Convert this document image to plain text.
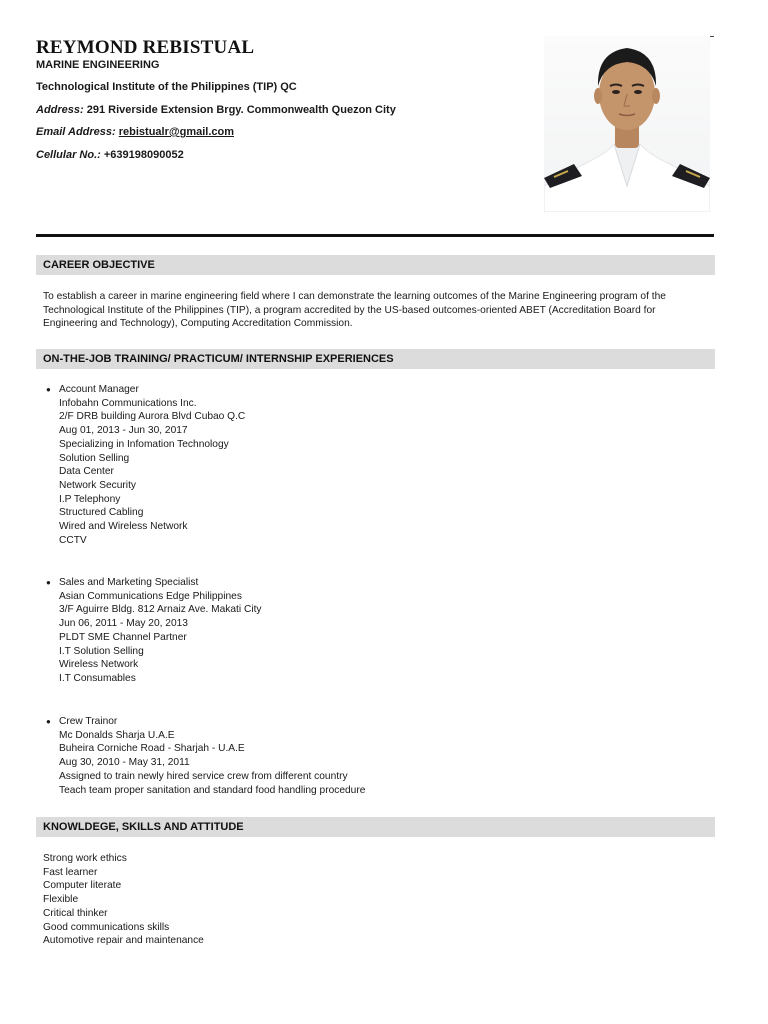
REYMOND REBISTUAL
MARINE ENGINEERING
Technological Institute of the Philippines (TIP) QC
Address: 291 Riverside Extension Brgy. Commonwealth Quezon City
Email Address: rebistualr@gmail.com
Cellular No.: +639198090052
CAREER OBJECTIVE

To establish a career in marine engineering field where I can demonstrate the learning outcomes of the Marine Engineering program of the Technological Institute of the Philippines (TIP), a program accredited by the US-based outcomes-oriented ABET (Accreditation Board for Engineering and Technology), Computing Accreditation Commission.

ON-THE-JOB TRAINING/ PRACTICUM/ INTERNSHIP EXPERIENCES
● Account Manager
Infobahn Communications Inc.
2/F DRB building Aurora Blvd Cubao Q.C
Aug 01, 2013 - Jun 30, 2017
Specializing in Infomation Technology
Solution Selling
Data Center
Network Security
I.P Telephony
Structured Cabling
Wired and Wireless Network
CCTV
● Sales and Marketing Specialist
Asian Communications Edge Philippines
3/F Aguirre Bldg. 812 Arnaiz Ave. Makati City
Jun 06, 2011 - May 20, 2013
PLDT SME Channel Partner
I.T Solution Selling
Wireless Network
I.T Consumables
● Crew Trainor
Mc Donalds Sharja U.A.E
Buheira Corniche Road - Sharjah - U.A.E
Aug 30, 2010 - May 31, 2011
Assigned to train newly hired service crew from different country
Teach team proper sanitation and standard food handling procedure
KNOWLDEGE, SKILLS AND ATTITUDE
Strong work ethics
Fast learner
Computer literate
Flexible
Critical thinker
Good communications skills
Automotive repair and maintenance
